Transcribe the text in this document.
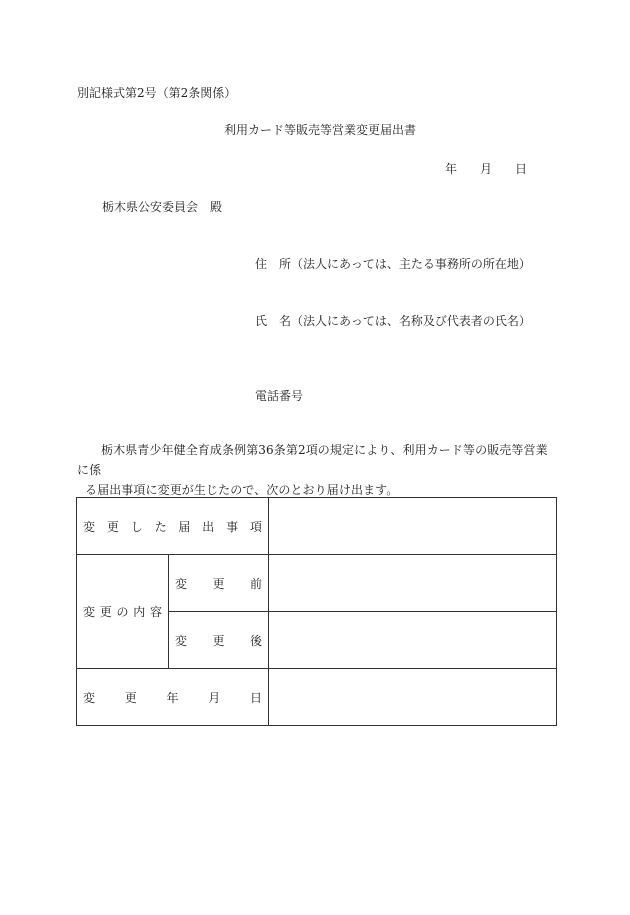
別記様式第2号（第2条関係）
利用カード等販売等営業変更届出書
年 月 日
栃木県公安委員会　殿
住　所（法人にあっては、主たる事務所の所在地）
氏　名（法人にあっては、名称及び代表者の氏名）
電話番号
栃木県青少年健全育成条例第36条第2項の規定により、利用カード等の販売等営業に係
る届出事項に変更が生じたので、次のとおり届け出ます。
変更した届出事項		
変更の内容	変更前	
	変更後	
変更年月日		
